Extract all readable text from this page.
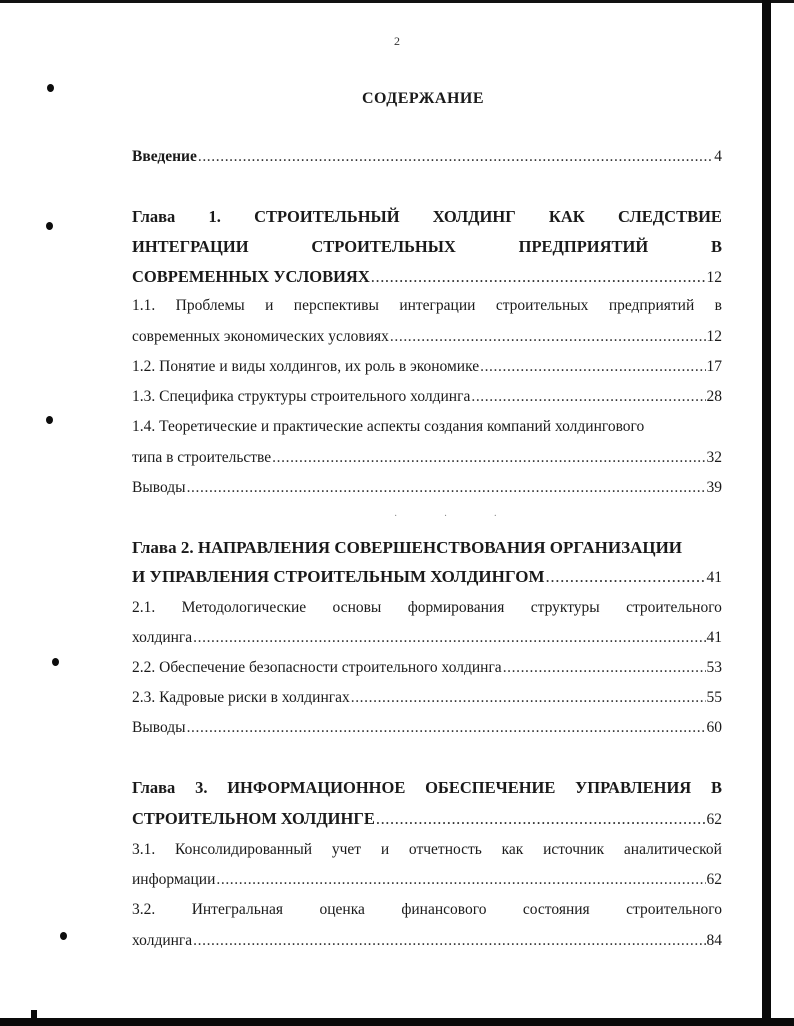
· · ·
2
СОДЕРЖАНИЕ
Введение .....	4
Глава 1. СТРОИТЕЛЬНЫЙ ХОЛДИНГ КАК СЛЕДСТВИЕ
ИНТЕГРАЦИИ	СТРОИТЕЛЬНЫХ	ПРЕДПРИЯТИЙ	В
СОВРЕМЕННЫХ УСЛОВИЯХ .....	12
1.1. Проблемы и перспективы интеграции строительных предприятий в
современных экономических условиях .....	12
1.2. Понятие и виды холдингов, их роль в экономике .....	17
1.3. Специфика структуры строительного холдинга .....	28
1.4. Теоретические и практические аспекты создания компаний холдингового
типа в строительстве .....	32
Выводы .....	39
Глава 2. НАПРАВЛЕНИЯ СОВЕРШЕНСТВОВАНИЯ ОРГАНИЗАЦИИ
И УПРАВЛЕНИЯ СТРОИТЕЛЬНЫМ ХОЛДИНГОМ .....	41
2.1. Методологические основы формирования структуры строительного
холдинга .....	41
2.2. Обеспечение безопасности строительного холдинга .....	53
2.3. Кадровые риски в холдингах .....	55
Выводы .....	60
Глава 3. ИНФОРМАЦИОННОЕ ОБЕСПЕЧЕНИЕ УПРАВЛЕНИЯ В
СТРОИТЕЛЬНОМ ХОЛДИНГЕ .....	62
3.1. Консолидированный учет и отчетность как источник аналитической
информации .....	62
3.2. Интегральная оценка финансового состояния строительного
холдинга .....	84
